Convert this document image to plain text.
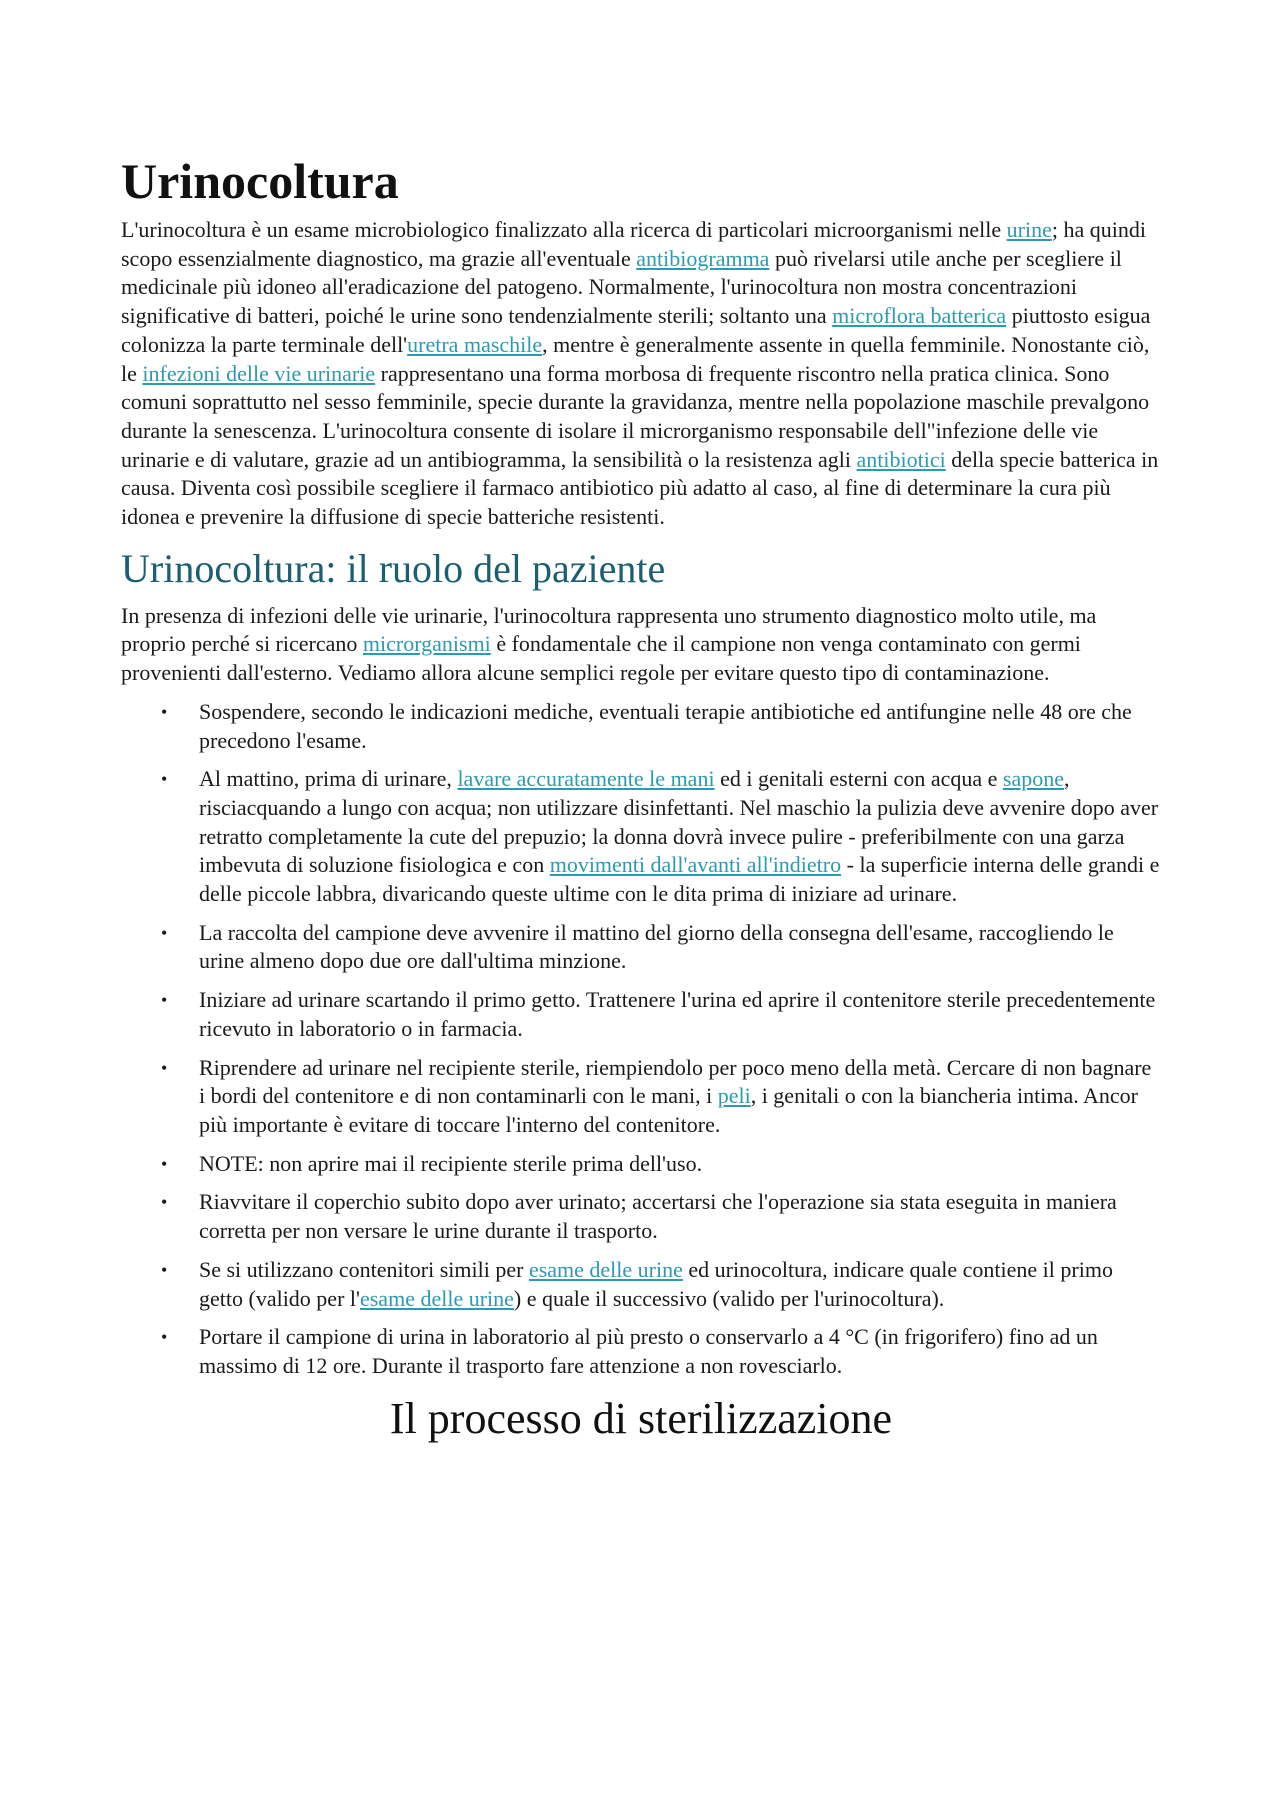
Urinocoltura

L'urinocoltura è un esame microbiologico finalizzato alla ricerca di particolari microorganismi nelle urine; ha quindi scopo essenzialmente diagnostico, ma grazie all'eventuale antibiogramma può rivelarsi utile anche per scegliere il medicinale più idoneo all'eradicazione del patogeno. Normalmente, l'urinocoltura non mostra concentrazioni significative di batteri, poiché le urine sono tendenzialmente sterili; soltanto una microflora batterica piuttosto esigua colonizza la parte terminale dell'uretra maschile, mentre è generalmente assente in quella femminile. Nonostante ciò, le infezioni delle vie urinarie rappresentano una forma morbosa di frequente riscontro nella pratica clinica. Sono comuni soprattutto nel sesso femminile, specie durante la gravidanza, mentre nella popolazione maschile prevalgono durante la senescenza. L'urinocoltura consente di isolare il microrganismo responsabile dell"infezione delle vie urinarie e di valutare, grazie ad un antibiogramma, la sensibilità o la resistenza agli antibiotici della specie batterica in causa. Diventa così possibile scegliere il farmaco antibiotico più adatto al caso, al fine di determinare la cura più idonea e prevenire la diffusione di specie batteriche resistenti.

Urinocoltura: il ruolo del paziente

In presenza di infezioni delle vie urinarie, l'urinocoltura rappresenta uno strumento diagnostico molto utile, ma proprio perché si ricercano microrganismi è fondamentale che il campione non venga contaminato con germi provenienti dall'esterno. Vediamo allora alcune semplici regole per evitare questo tipo di contaminazione.

• Sospendere, secondo le indicazioni mediche, eventuali terapie antibiotiche ed antifungine nelle 48 ore che precedono l'esame.
• Al mattino, prima di urinare, lavare accuratamente le mani ed i genitali esterni con acqua e sapone, risciacquando a lungo con acqua; non utilizzare disinfettanti. Nel maschio la pulizia deve avvenire dopo aver retratto completamente la cute del prepuzio; la donna dovrà invece pulire - preferibilmente con una garza imbevuta di soluzione fisiologica e con movimenti dall'avanti all'indietro - la superficie interna delle grandi e delle piccole labbra, divaricando queste ultime con le dita prima di iniziare ad urinare.
• La raccolta del campione deve avvenire il mattino del giorno della consegna dell'esame, raccogliendo le urine almeno dopo due ore dall'ultima minzione.
• Iniziare ad urinare scartando il primo getto. Trattenere l'urina ed aprire il contenitore sterile precedentemente ricevuto in laboratorio o in farmacia.
• Riprendere ad urinare nel recipiente sterile, riempiendolo per poco meno della metà. Cercare di non bagnare i bordi del contenitore e di non contaminarli con le mani, i peli, i genitali o con la biancheria intima. Ancor più importante è evitare di toccare l'interno del contenitore.
• NOTE: non aprire mai il recipiente sterile prima dell'uso.
• Riavvitare il coperchio subito dopo aver urinato; accertarsi che l'operazione sia stata eseguita in maniera corretta per non versare le urine durante il trasporto.
• Se si utilizzano contenitori simili per esame delle urine ed urinocoltura, indicare quale contiene il primo getto (valido per l'esame delle urine) e quale il successivo (valido per l'urinocoltura).
• Portare il campione di urina in laboratorio al più presto o conservarlo a 4 °C (in frigorifero) fino ad un massimo di 12 ore. Durante il trasporto fare attenzione a non rovesciarlo.
Il processo di sterilizzazione
